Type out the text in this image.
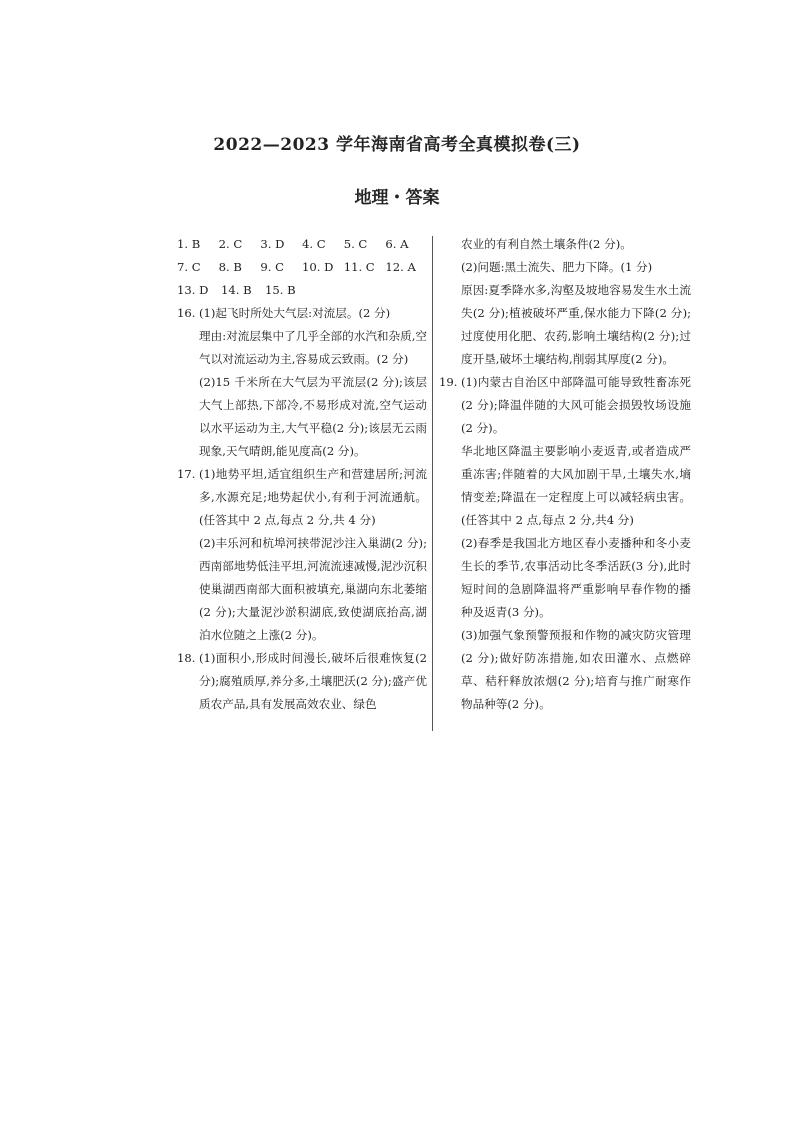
2022—2023 学年海南省高考全真模拟卷(三)
地理・答案
1. B	2. C	3. D	4. C	5. C	6. A
7. C	8. B	9. C	10. D 11. C 12. A
13. D	14. B	15. B
16. (1)起飞时所处大气层:对流层。(2 分)
理由:对流层集中了几乎全部的水汽和杂质,空气以对流运动为主,容易成云致雨。(2 分)
(2)15 千米所在大气层为平流层(2 分);该层大气上部热,下部冷,不易形成对流,空气运动以水平运动为主,大气平稳(2 分);该层无云雨现象,天气晴朗,能见度高(2 分)。
17. (1)地势平坦,适宜组织生产和营建居所;河流多,水源充足;地势起伏小,有利于河流通航。(任答其中 2 点,每点 2 分,共 4 分)
(2)丰乐河和杭埠河挟带泥沙注入巢湖(2 分);西南部地势低洼平坦,河流流速减慢,泥沙沉积使巢湖西南部大面积被填充,巢湖向东北萎缩(2 分);大量泥沙淤积湖底,致使湖底抬高,湖泊水位随之上涨(2 分)。
18. (1)面积小,形成时间漫长,破坏后很难恢复(2 分);腐殖质厚,养分多,土壤肥沃(2 分);盛产优质农产品,具有发展高效农业、绿色
农业的有利自然土壤条件(2 分)。
(2)问题:黑土流失、肥力下降。(1 分)
原因:夏季降水多,沟壑及坡地容易发生水土流失(2 分);植被破坏严重,保水能力下降(2 分);过度使用化肥、农药,影响土壤结构(2 分);过度开垦,破坏土壤结构,削弱其厚度(2 分)。
19. (1)内蒙古自治区中部降温可能导致牲畜冻死(2 分);降温伴随的大风可能会损毁牧场设施(2 分)。
华北地区降温主要影响小麦返青,或者造成严重冻害;伴随着的大风加剧干旱,土壤失水,墒情变差;降温在一定程度上可以减轻病虫害。(任答其中 2 点,每点 2 分,共4 分)
(2)春季是我国北方地区春小麦播种和冬小麦生长的季节,农事活动比冬季活跃(3 分),此时短时间的急剧降温将严重影响早春作物的播种及返青(3 分)。
(3)加强气象预警预报和作物的减灾防灾管理(2 分);做好防冻措施,如农田灌水、点燃碎草、秸秆释放浓烟(2 分);培育与推广耐寒作物品种等(2 分)。
